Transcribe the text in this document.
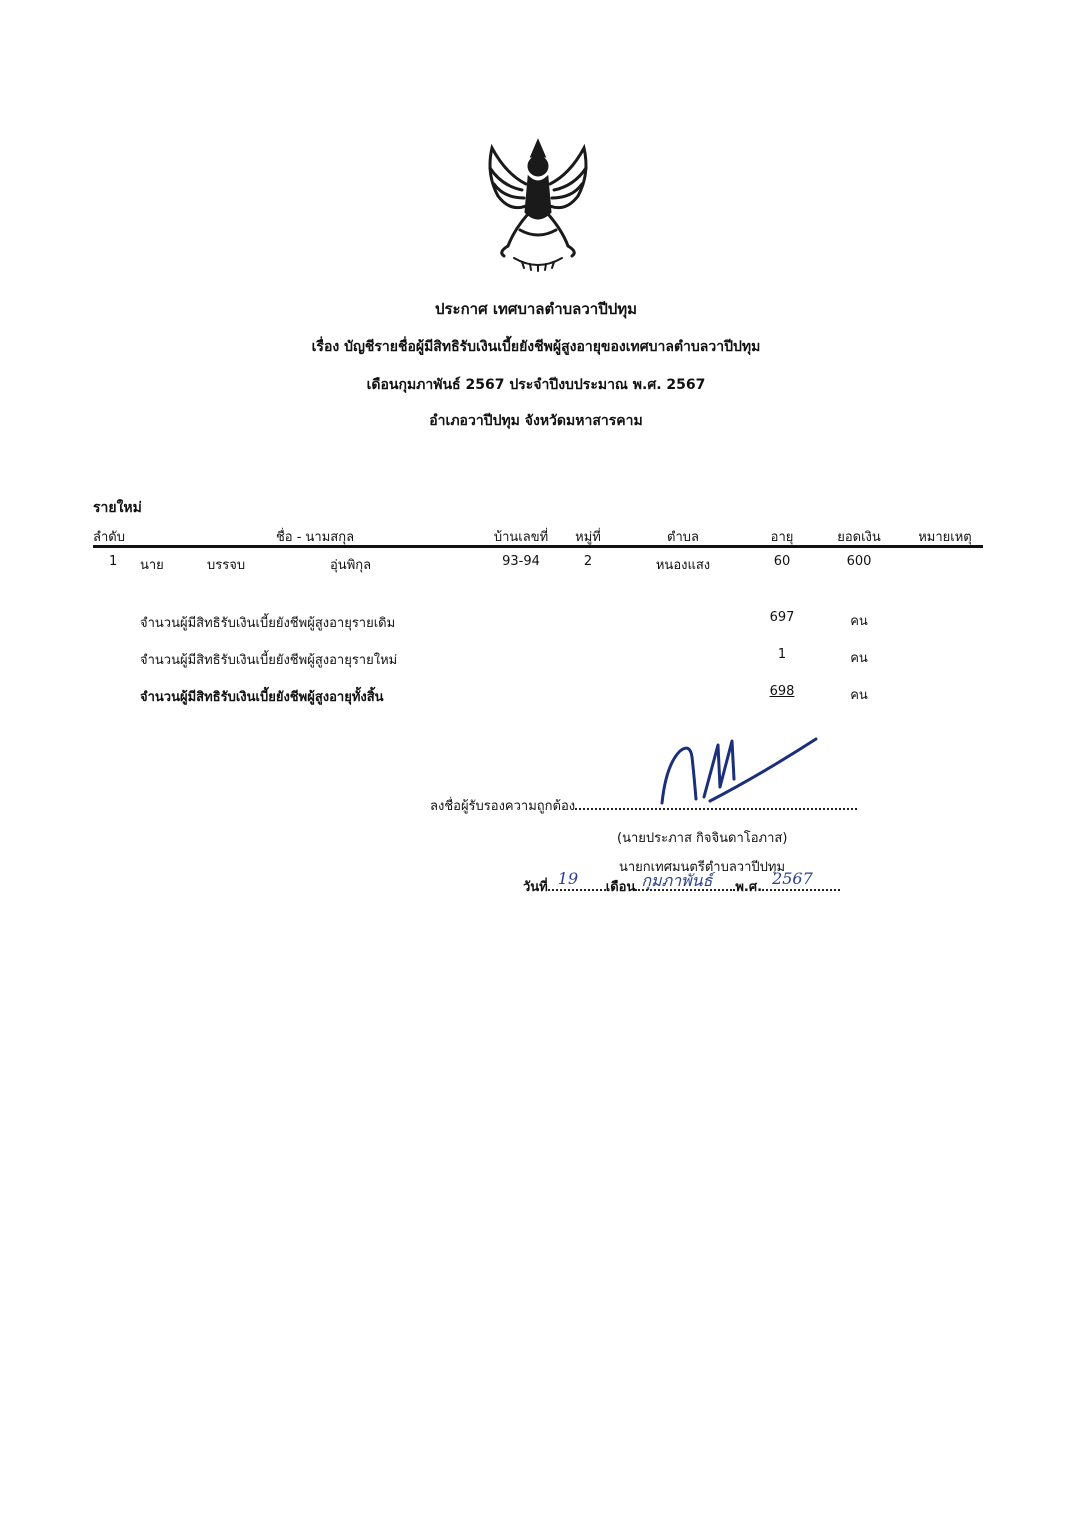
ประกาศ เทศบาลตำบลวาปีปทุม
เรื่อง บัญชีรายชื่อผู้มีสิทธิรับเงินเบี้ยยังชีพผู้สูงอายุของเทศบาลตำบลวาปีปทุม
เดือนกุมภาพันธ์ 2567 ประจำปีงบประมาณ พ.ศ. 2567
อำเภอวาปีปทุม จังหวัดมหาสารคาม
รายใหม่
ลำดับ	ชื่อ - นามสกุล	บ้านเลขที่ หมู่ที่	ตำบล	อายุ	ยอดเงิน	หมายเหตุ
1 นาย	บรรจบ	อุ่นพิกุล	93-94	2	หนองแสง	60	600
จำนวนผู้มีสิทธิรับเงินเบี้ยยังชีพผู้สูงอายุรายเดิม	697	คน
จำนวนผู้มีสิทธิรับเงินเบี้ยยังชีพผู้สูงอายุรายใหม่	1	คน
จำนวนผู้มีสิทธิรับเงินเบี้ยยังชีพผู้สูงอายุทั้งสิ้น	698	คน
ลงชื่อผู้รับรองความถูกต้อง
(นายประภาส กิจจินดาโอภาส)
นายกเทศมนตรีตำบลวาปีปทุม
วันที่ 19 เดือน กุมภาพันธ์ พ.ศ. 2567
